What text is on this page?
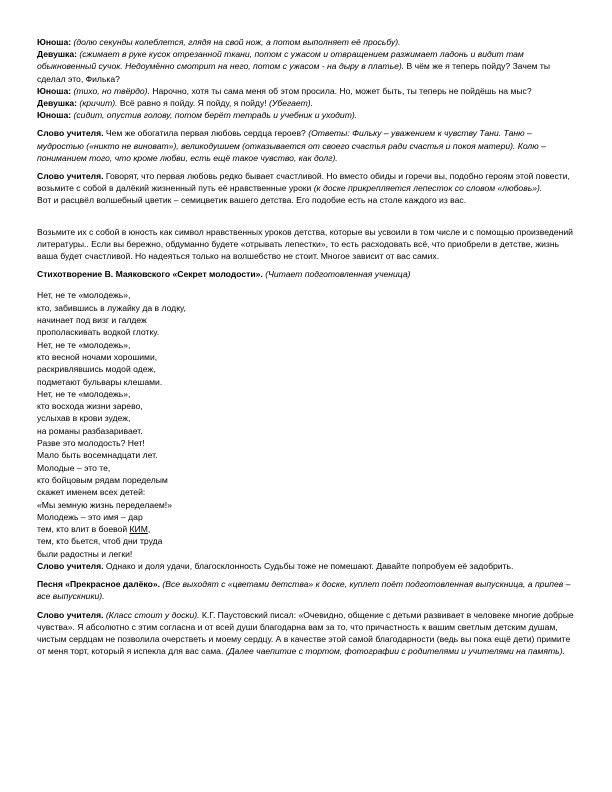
Юноша: (долю секунды колеблется, глядя на свой нож, а потом выполняет её просьбу).

Девушка: (сжимает в руке кусок отрезанной ткани, потом с ужасом и отвращением разжимает ладонь и видит там обыкновенный сучок. Недоумённо смотрит на него, потом с ужасом - на дыру в платье). В чём же я теперь пойду? Зачем ты сделал это, Филька?

Юноша: (тихо, но твёрдо). Нарочно, хотя ты сама меня об этом просила. Но, может быть, ты теперь не пойдёшь на мыс?

Девушка: (кричит). Всё равно я пойду. Я пойду, я пойду! (Убегает).

Юноша: (сидит, опустив голову, потом берёт тетрадь и учебник и уходит).

Слово учителя. Чем же обогатила первая любовь сердца героев? (Ответы: Фильку – уважением к чувству Тани. Таню – мудростью («никто не виноват»), великодушием (отказывается от своего счастья ради счастья и покоя матери). Колю – пониманием того, что кроме любви, есть ещё такое чувство, как долг).

Слово учителя. Говорят, что первая любовь редко бывает счастливой. Но вместо обиды и горечи вы, подобно героям этой повести, возьмите с собой в далёкий жизненный путь её нравственные уроки (к доске прикрепляется лепесток со словом «любовь»).

Вот и расцвёл волшебный цветик – семицветик вашего детства. Его подобие есть на столе каждого из вас.

Возьмите их с собой в юность как символ нравственных уроков детства, которые вы усвоили в том числе и с помощью произведений литературы.. Если вы бережно, обдуманно будете «отрывать лепестки», то есть расходовать всё, что приобрели в детстве, жизнь ваша будет счастливой. Но надеяться только на волшебство не стоит. Многое зависит от вас самих.

Стихотворение В. Маяковского «Секрет молодости». (Читает подготовленная ученица)

Нет, не те «молодежь»,
кто, забившись в лужайку да в лодку,
начинает под визг и галдеж
прополаскивать водкой глотку.
Нет, не те «молодежь»,
кто весной ночами хорошими,
раскривлявшись модой одеж,
подметают бульвары клешами.
Нет, не те «молодежь»,
кто восхода жизни зарево,
услыхав в крови зудеж,
на романы разбазаривает.
Разве это молодость? Нет!
Мало быть восемнадцати лет.
Молодые – это те,
кто бойцовым рядам поределым
скажет именем всех детей:
«Мы земную жизнь переделаем!»
Молодежь – это имя – дар
тем, кто влит в боевой КИМ,
тем, кто бьется, чтоб дни труда
были радостны и легки!

Слово учителя. Однако и доля удачи, благосклонность Судьбы тоже не помешают. Давайте попробуем её задобрить.

Песня «Прекрасное далёко». (Все выходят с «цветами детства» к доске, куплет поёт подготовленная выпускница, а припев – все выпускники).

Слово учителя. (Класс стоит у доски). К.Г. Паустовский писал: «Очевидно, общение с детьми развивает в человеке многие добрые чувства». Я абсолютно с этим согласна и от всей души благодарна вам за то, что причастность к вашим светлым детским душам, чистым сердцам не позволила очерстветь и моему сердцу. А в качестве этой самой благодарности (ведь вы пока ещё дети) примите от меня торт, который я испекла для вас сама. (Далее чаепитие с тортом, фотографии с родителями и учителями на память).
